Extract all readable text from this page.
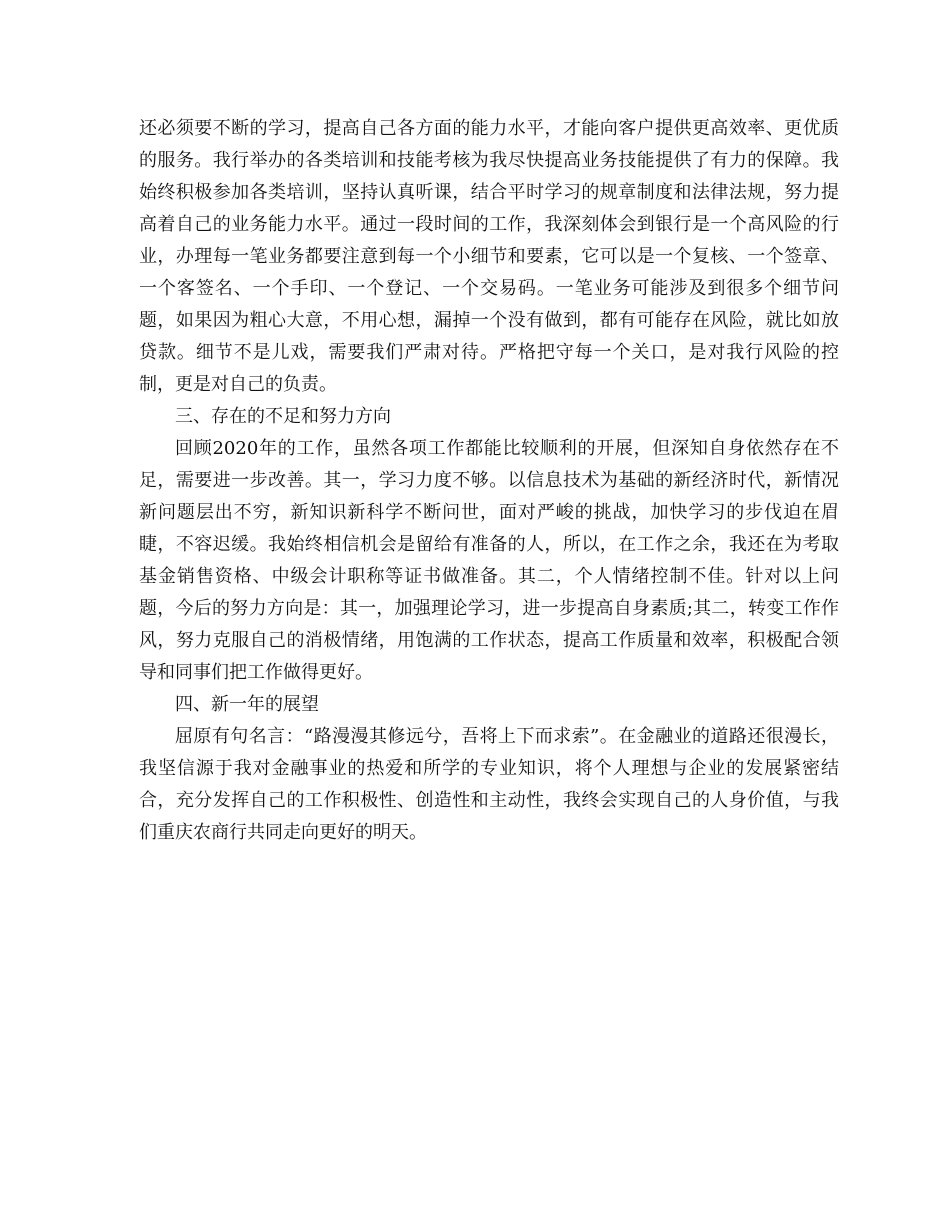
还必须要不断的学习，提高自己各方面的能力水平，才能向客户提供更高效率、更优质的服务。我行举办的各类培训和技能考核为我尽快提高业务技能提供了有力的保障。我始终积极参加各类培训，坚持认真听课，结合平时学习的规章制度和法律法规，努力提高着自己的业务能力水平。通过一段时间的工作，我深刻体会到银行是一个高风险的行业，办理每一笔业务都要注意到每一个小细节和要素，它可以是一个复核、一个签章、一个客签名、一个手印、一个登记、一个交易码。一笔业务可能涉及到很多个细节问题，如果因为粗心大意，不用心想，漏掉一个没有做到，都有可能存在风险，就比如放贷款。细节不是儿戏，需要我们严肃对待。严格把守每一个关口，是对我行风险的控制，更是对自己的负责。

三、存在的不足和努力方向

回顾2020年的工作，虽然各项工作都能比较顺利的开展，但深知自身依然存在不足，需要进一步改善。其一，学习力度不够。以信息技术为基础的新经济时代，新情况新问题层出不穷，新知识新科学不断问世，面对严峻的挑战，加快学习的步伐迫在眉睫，不容迟缓。我始终相信机会是留给有准备的人，所以，在工作之余，我还在为考取基金销售资格、中级会计职称等证书做准备。其二，个人情绪控制不佳。针对以上问题，今后的努力方向是：其一，加强理论学习，进一步提高自身素质;其二，转变工作作风，努力克服自己的消极情绪，用饱满的工作状态，提高工作质量和效率，积极配合领导和同事们把工作做得更好。

四、新一年的展望

屈原有句名言：“路漫漫其修远兮，吾将上下而求索”。在金融业的道路还很漫长，我坚信源于我对金融事业的热爱和所学的专业知识，将个人理想与企业的发展紧密结合，充分发挥自己的工作积极性、创造性和主动性，我终会实现自己的人身价值，与我们重庆农商行共同走向更好的明天。
